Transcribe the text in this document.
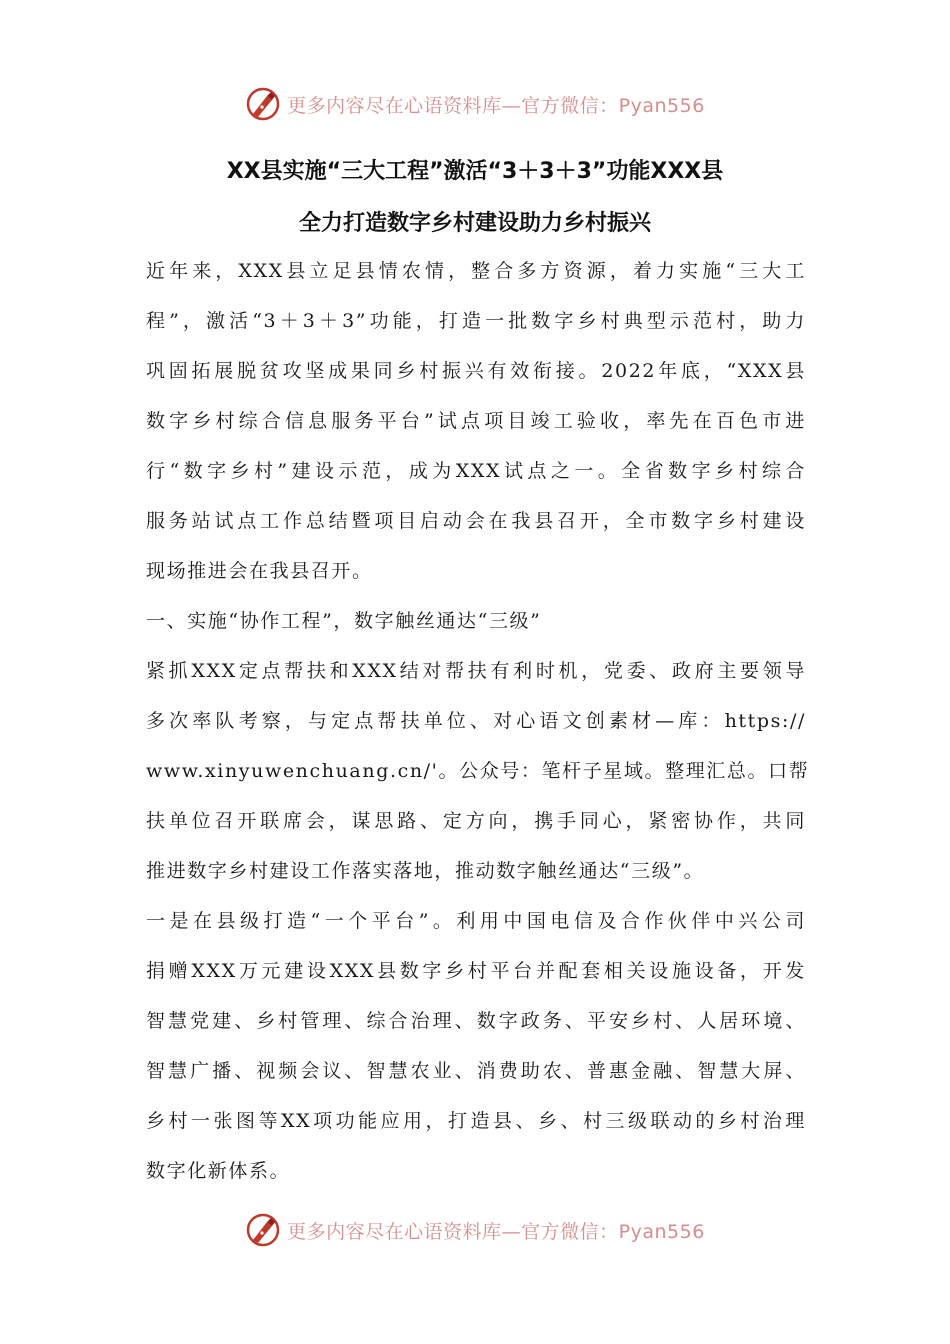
更多内容尽在心语资料库—官方微信：Pyan556
XX县实施“三大工程”激活“3＋3＋3”功能XXX县
全力打造数字乡村建设助力乡村振兴

近年来，XXX县立足县情农情，整合多方资源，着力实施“三大工
程”，激活“3＋3＋3”功能，打造一批数字乡村典型示范村，助力
巩固拓展脱贫攻坚成果同乡村振兴有效衔接。2022年底，“XXX县
数字乡村综合信息服务平台”试点项目竣工验收，率先在百色市进
行“数字乡村”建设示范，成为XXX试点之一。全省数字乡村综合
服务站试点工作总结暨项目启动会在我县召开，全市数字乡村建设
现场推进会在我县召开。

一、实施“协作工程”，数字触丝通达“三级”

紧抓XXX定点帮扶和XXX结对帮扶有利时机，党委、政府主要领导
多次率队考察，与定点帮扶单位、对心语文创素材—库：https://
www.xinyuwenchuang.cn/'。公众号：笔杆子星域。整理汇总。口帮
扶单位召开联席会，谋思路、定方向，携手同心，紧密协作，共同
推进数字乡村建设工作落实落地，推动数字触丝通达“三级”。

一是在县级打造“一个平台”。利用中国电信及合作伙伴中兴公司
捐赠XXX万元建设XXX县数字乡村平台并配套相关设施设备，开发
智慧党建、乡村管理、综合治理、数字政务、平安乡村、人居环境、
智慧广播、视频会议、智慧农业、消费助农、普惠金融、智慧大屏、
乡村一张图等XX项功能应用，打造县、乡、村三级联动的乡村治理
数字化新体系。

更多内容尽在心语资料库—官方微信：Pyan556
